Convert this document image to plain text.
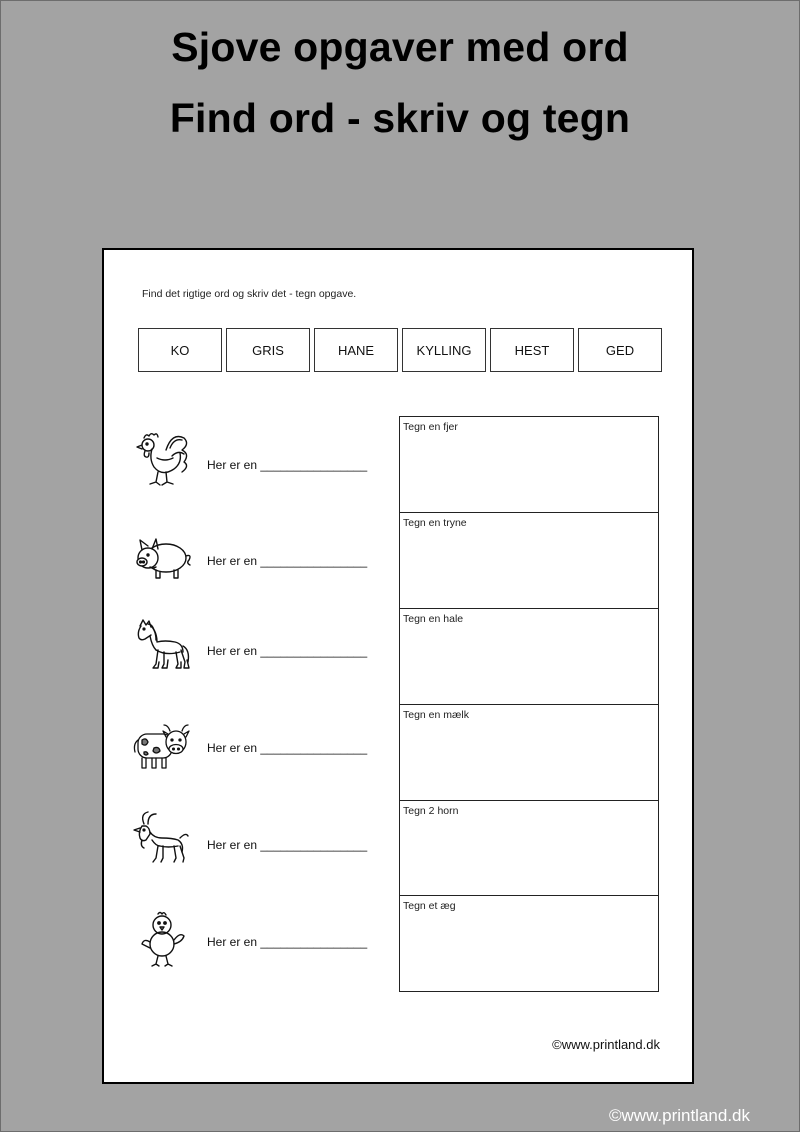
Sjove opgaver med ord
Find ord - skriv og tegn
Find det rigtige ord og skriv det - tegn opgave.
KO	GRIS	HANE	KYLLING	HEST	GED
Her er en ________________
Her er en ________________
Her er en ________________
Her er en ________________
Her er en ________________
Her er en ________________
Tegn en fjer
Tegn en tryne
Tegn en hale
Tegn en mælk
Tegn 2 horn
Tegn et æg
©www.printland.dk
©www.printland.dk
